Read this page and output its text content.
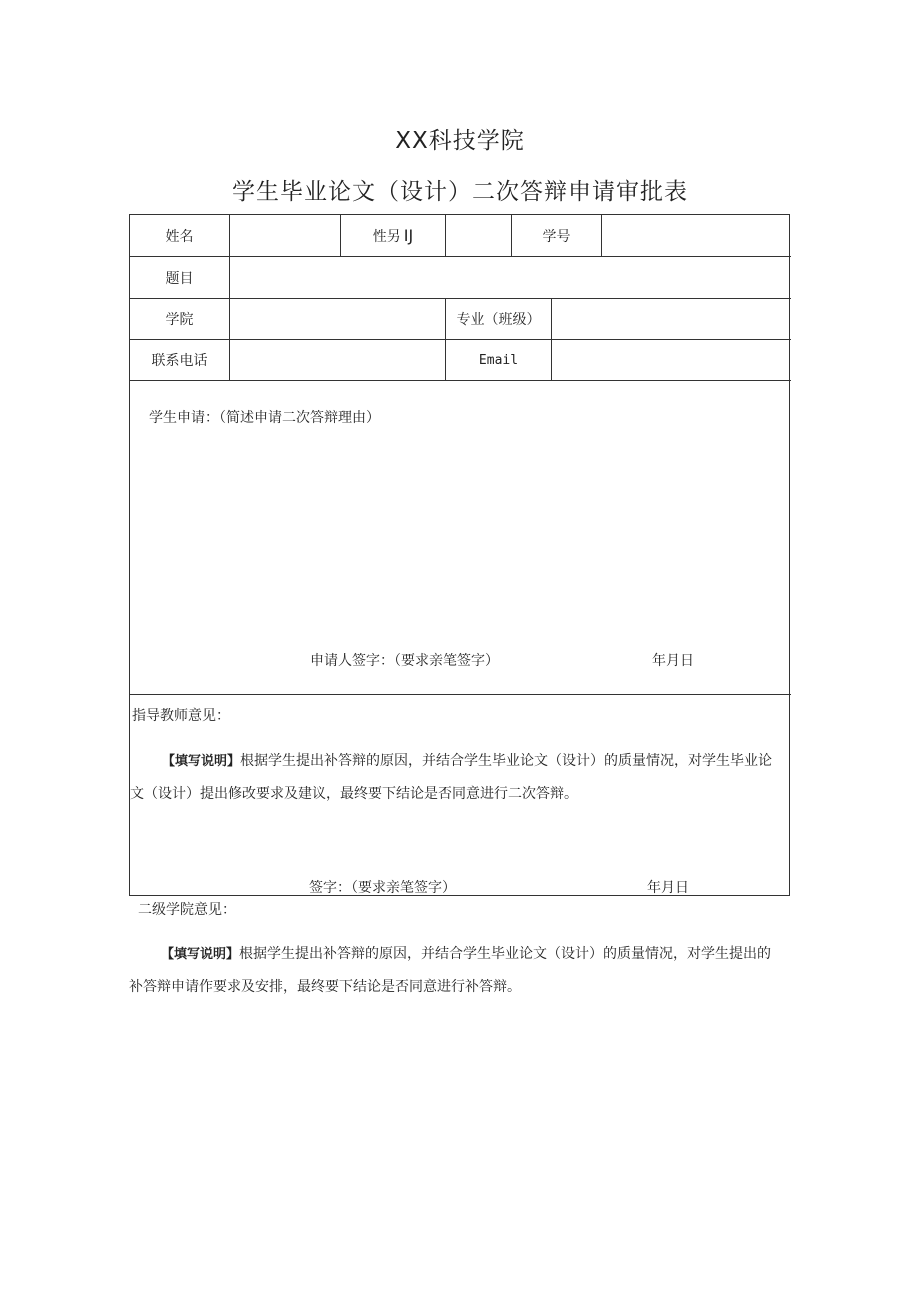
XX科技学院
学生毕业论文（设计）二次答辩申请审批表
姓名	性另 IJ	学号
题目
学院	专业（班级）
联系电话	Email
学生申请：（简述申请二次答辩理由）
申请人签字：（要求亲笔签字）	年月日
指导教师意见：
【填写说明】根据学生提出补答辩的原因，并结合学生毕业论文（设计）的质量情况，对学生毕业论文（设计）提出修改要求及建议，最终要下结论是否同意进行二次答辩。
签字：（要求亲笔签字）	年月日
二级学院意见：
【填写说明】根据学生提出补答辩的原因，并结合学生毕业论文（设计）的质量情况，对学生提出的补答辩申请作要求及安排，最终要下结论是否同意进行补答辩。
